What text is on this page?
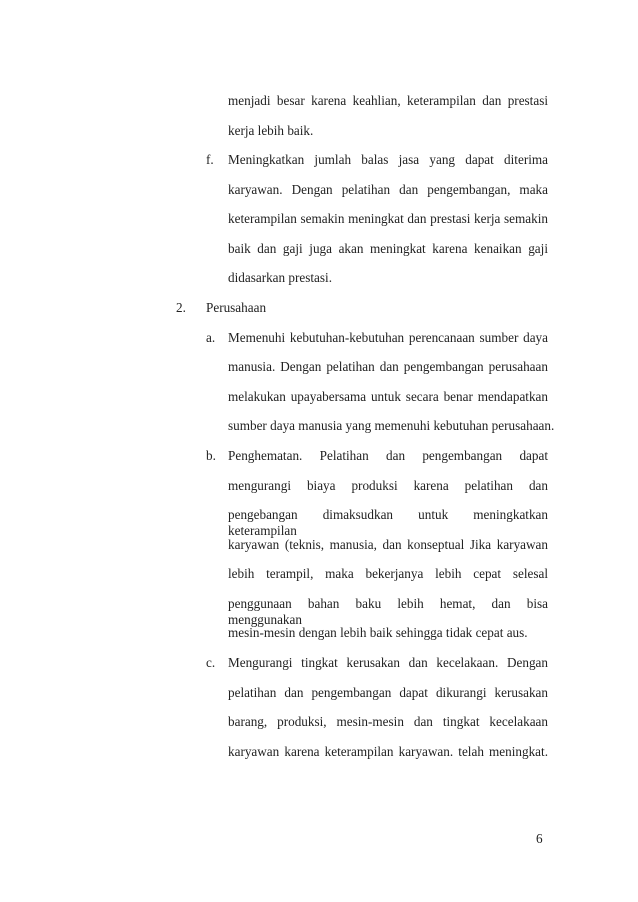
menjadi besar karena keahlian, keterampilan dan prestasi
kerja lebih baik.
f. Meningkatkan jumlah balas jasa yang dapat diterima
karyawan. Dengan pelatihan dan pengembangan, maka
keterampilan semakin meningkat dan prestasi kerja semakin
baik dan gaji juga akan meningkat karena kenaikan gaji
didasarkan prestasi.
2. Perusahaan
a. Memenuhi kebutuhan-kebutuhan perencanaan sumber daya
manusia. Dengan pelatihan dan pengembangan perusahaan
melakukan upayabersama untuk secara benar mendapatkan
sumber daya manusia yang memenuhi kebutuhan perusahaan.
b. Penghematan. Pelatihan dan pengembangan dapat
mengurangi biaya produksi karena pelatihan dan
pengebangan dimaksudkan untuk meningkatkan keterampilan
karyawan (teknis, manusia, dan konseptual Jika karyawan
lebih terampil, maka bekerjanya lebih cepat selesal
penggunaan bahan baku lebih hemat, dan bisa menggunakan
mesin-mesin dengan lebih baik sehingga tidak cepat aus.
c. Mengurangi tingkat kerusakan dan kecelakaan. Dengan
pelatihan dan pengembangan dapat dikurangi kerusakan
barang, produksi, mesin-mesin dan tingkat kecelakaan
karyawan karena keterampilan karyawan. telah meningkat.
6
